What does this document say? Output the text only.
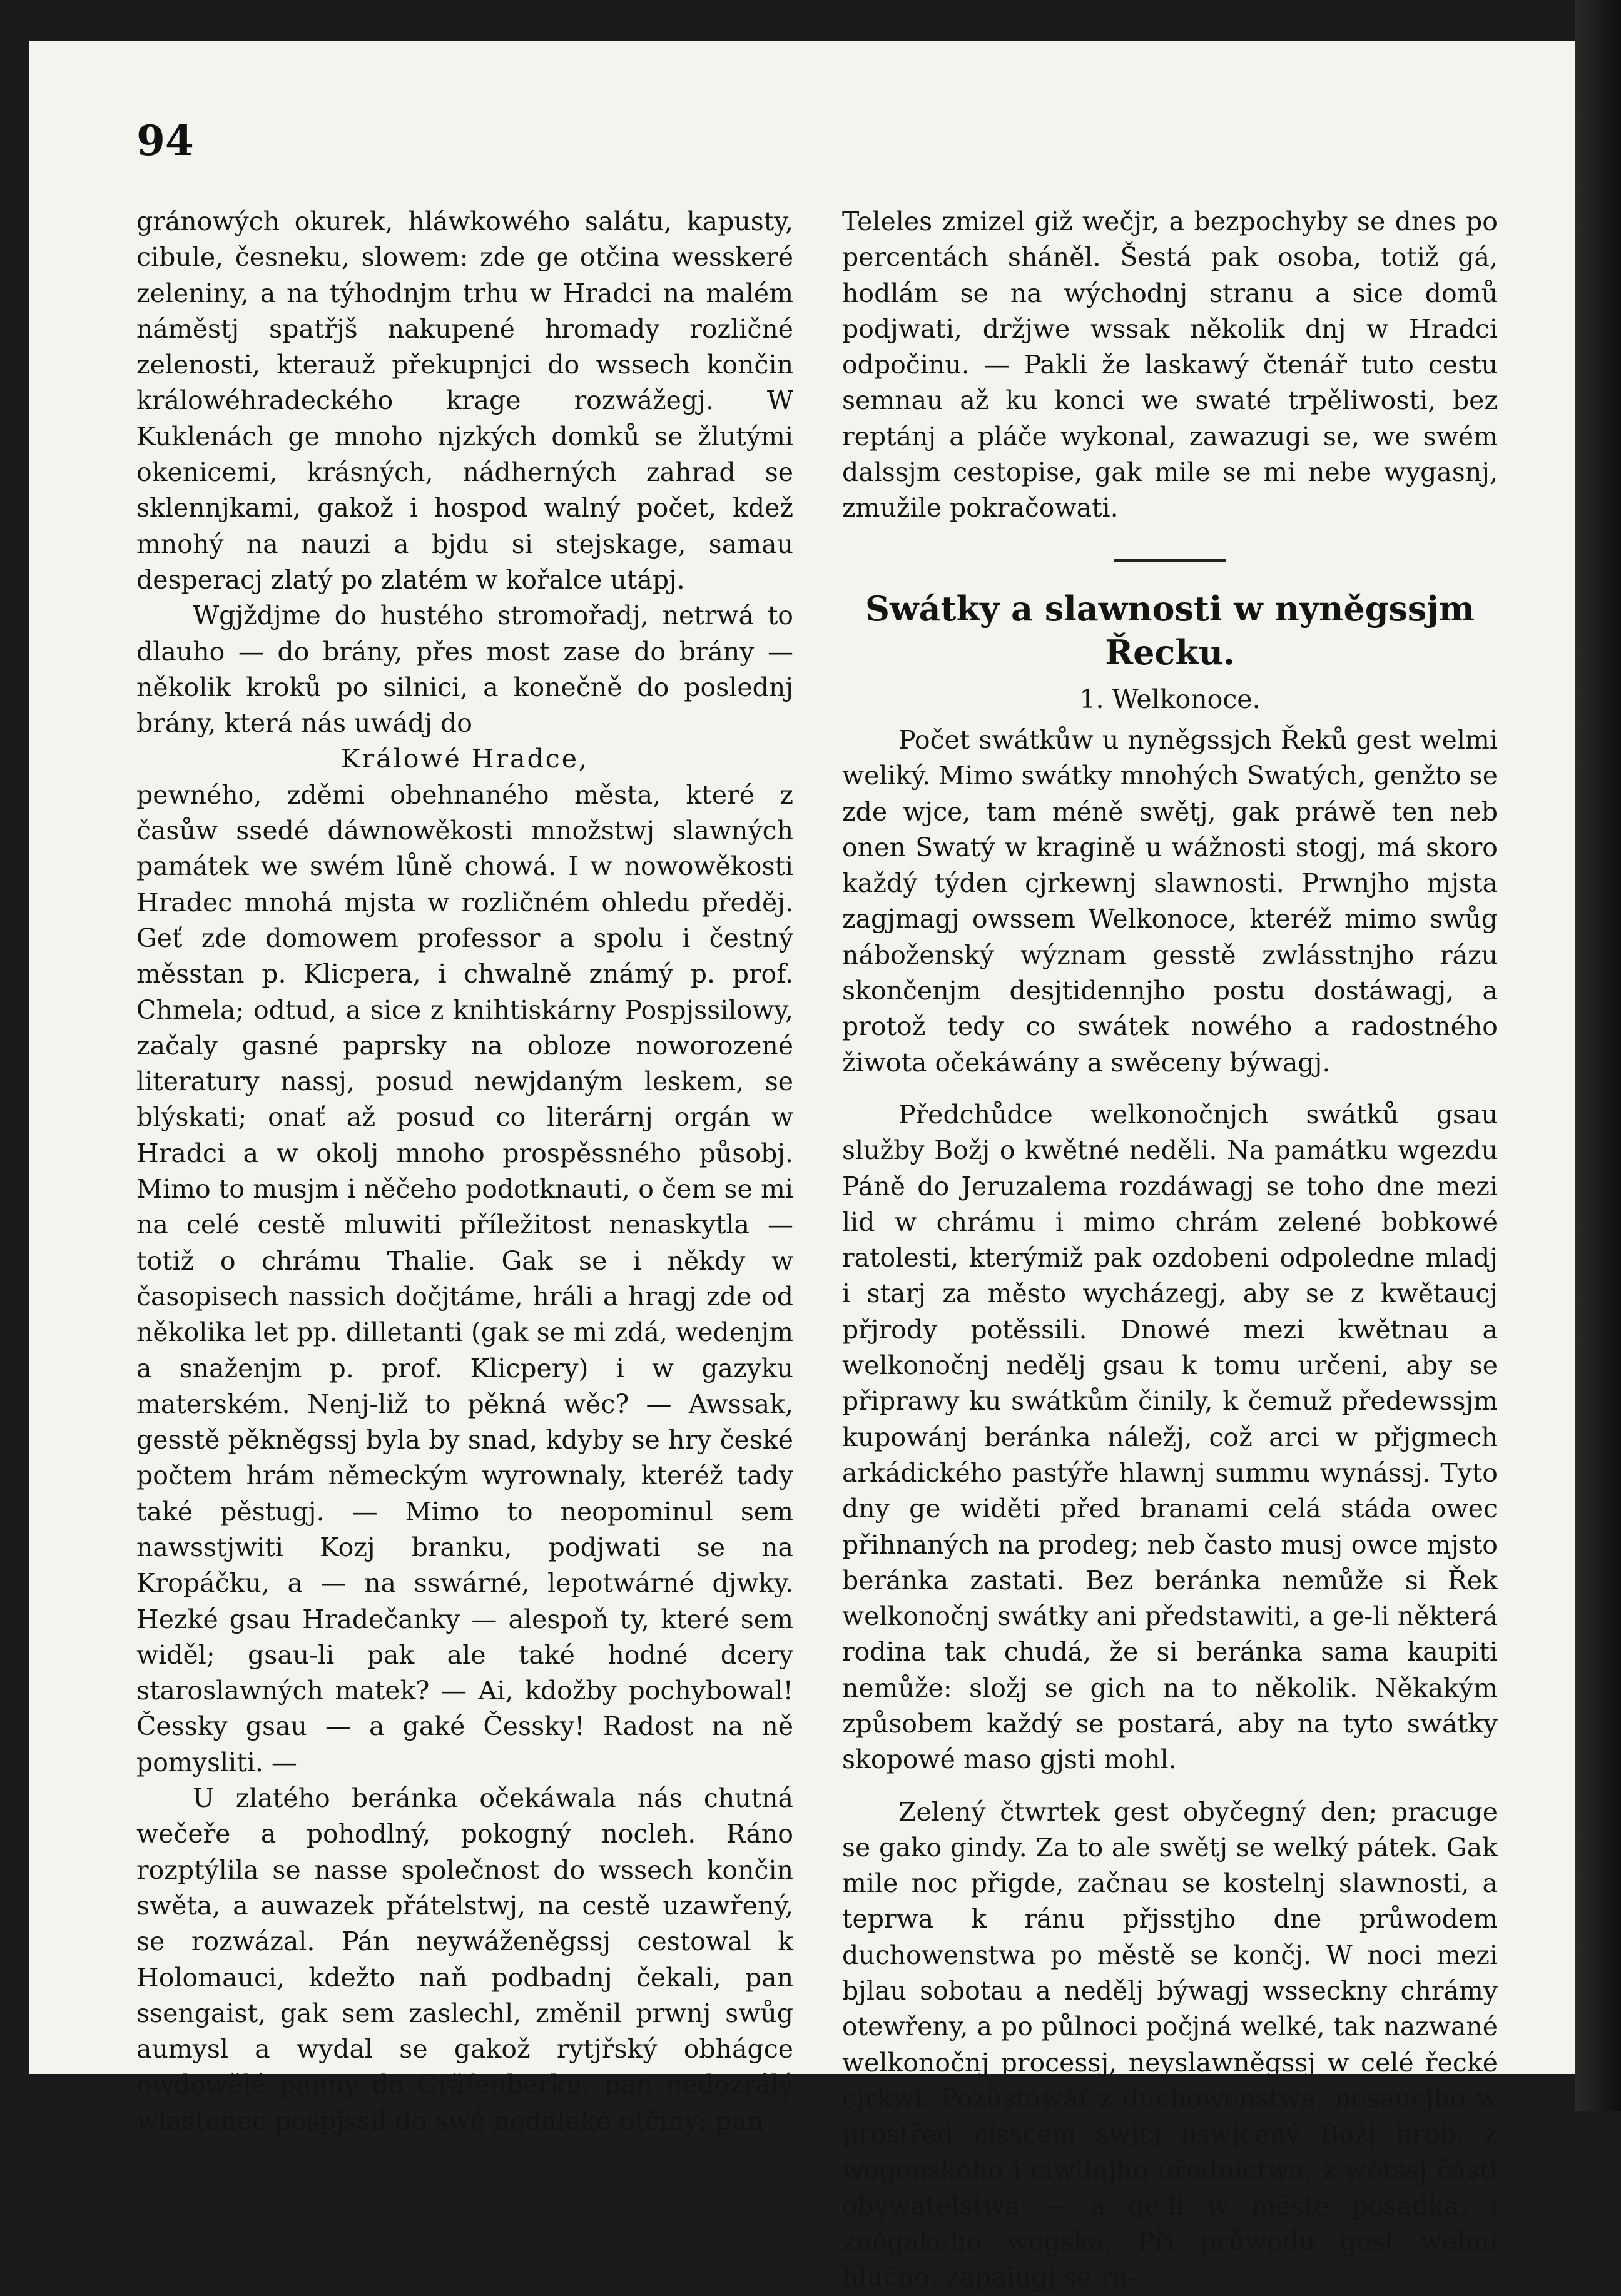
94

gránowých okurek, hláwkowého salátu, kapusty, cibule, česneku, slowem: zde ge otčina wesskeré zeleniny, a na týhodnjm trhu w Hradci na malém náměstj spatřjš nakupené hromady rozličné zelenosti, kterauž překupnjci do wssech končin králowéhradeckého krage rozwážegj. W Kuklenách ge mnoho njzkých domků se žlutými okenicemi, krásných, nádherných zahrad se sklennjkami, gakož i hospod walný počet, kdež mnohý na nauzi a bjdu si stejskage, samau desperacj zlatý po zlatém w kořalce utápj.

Wgjždjme do hustého stromořadj, netrwá to dlauho — do brány, přes most zase do brány — několik kroků po silnici, a konečně do poslednj brány, která nás uwádj do

Králowé Hradce,

pewného, zděmi obehnaného města, které z časůw ssedé dáwnowěkosti množstwj slawných památek we swém lůně chowá. I w nowowěkosti Hradec mnohá mjsta w rozličném ohledu předěj. Geť zde domowem professor a spolu i čestný měsstan p. Klicpera, i chwalně známý p. prof. Chmela; odtud, a sice z knihtiskárny Pospjssilowy, začaly gasné paprsky na obloze noworozené literatury nassj, posud newjdaným leskem, se blýskati; onať až posud co literárnj orgán w Hradci a w okolj mnoho prospěssného působj. Mimo to musjm i něčeho podotknauti, o čem se mi na celé cestě mluwiti příležitost nenaskytla — totiž o chrámu Thalie. Gak se i někdy w časopisech nassich dočjtáme, hráli a hragj zde od několika let pp. dilletanti (gak se mi zdá, wedenjm a snaženjm p. prof. Klicpery) i w gazyku materském. Nenj-liž to pěkná wěc? — Awssak, gesstě pěkněgssj byla by snad, kdyby se hry české počtem hrám německým wyrownaly, kteréž tady také pěstugj. — Mimo to neopominul sem nawsstjwiti Kozj branku, podjwati se na Kropáčku, a — na sswárné, lepotwárné djwky. Hezké gsau Hradečanky — alespoň ty, které sem widěl; gsau-li pak ale také hodné dcery staroslawných matek? — Ai, kdožby pochybowal! Čessky gsau — a gaké Čessky! Radost na ně pomysliti. —

U zlatého beránka očekáwala nás chutná wečeře a pohodlný, pokogný nocleh. Ráno rozptýlila se nasse společnost do wssech končin swěta, a auwazek přátelstwj, na cestě uzawřený, se rozwázal. Pán neywáženěgssj cestowal k Holomauci, kdežto naň podbadnj čekali, pan ssengaist, gak sem zaslechl, změnil prwnj swůg aumysl a wydal se gakož rytjřský obhágce owdowělé panny do Gräfenberku; pan nedozrálý wlastenec pospjssil do swé nedaleké otčiny; pan

Teleles zmizel giž wečjr, a bezpochyby se dnes po percentách sháněl. Šestá pak osoba, totiž gá, hodlám se na wýchodnj stranu a sice domů podjwati, držjwe wssak několik dnj w Hradci odpočinu. — Pakli že laskawý čtenář tuto cestu semnau až ku konci we swaté trpěliwosti, bez reptánj a pláče wykonal, zawazugi se, we swém dalssjm cestopise, gak mile se mi nebe wygasnj, zmužile pokračowati.

Swátky a slawnosti w nyněgssjm Řecku.

1. Welkonoce.

Počet swátkůw u nyněgssjch Řeků gest welmi weliký. Mimo swátky mnohých Swatých, genžto se zde wjce, tam méně swětj, gak práwě ten neb onen Swatý w kragině u wážnosti stogj, má skoro každý týden cjrkewnj slawnosti. Prwnjho mjsta zagjmagj owssem Welkonoce, kteréž mimo swůg náboženský wýznam gesstě zwlásstnjho rázu skončenjm desjtidennjho postu dostáwagj, a protož tedy co swátek nowého a radostného žiwota očekáwány a swěceny býwagj.

Předchůdce welkonočnjch swátků gsau služby Božj o kwětné neděli. Na památku wgezdu Páně do Jeruzalema rozdáwagj se toho dne mezi lid w chrámu i mimo chrám zelené bobkowé ratolesti, kterýmiž pak ozdobeni odpoledne mladj i starj za město wycházegj, aby se z kwětaucj přjrody potěssili. Dnowé mezi kwětnau a welkonočnj nedělj gsau k tomu určeni, aby se připrawy ku swátkům činily, k čemuž předewssjm kupowánj beránka náležj, což arci w přjgmech arkádického pastýře hlawnj summu wynássj. Tyto dny ge widěti před branami celá stáda owec přihnaných na prodeg; neb často musj owce mjsto beránka zastati. Bez beránka nemůže si Řek welkonočnj swátky ani předstawiti, a ge-li některá rodina tak chudá, že si beránka sama kaupiti nemůže: složj se gich na to několik. Někakým způsobem každý se postará, aby na tyto swátky skopowé maso gjsti mohl.

Zelený čtwrtek gest obyčegný den; pracuge se gako gindy. Za to ale swětj se welký pátek. Gak mile noc přigde, začnau se kostelnj slawnosti, a teprwa k ránu přjsstjho dne průwodem duchowenstwa po městě se končj. W noci mezi bjlau sobotau a nedělj býwagj wsseckny chrámy otewřeny, a po půlnoci počjná welké, tak nazwané welkonočnj processj, neyslawněgssj w celé řecké cjrkwi. Pozůstáwáť z duchowenstwa, nesaucjho w prostřed cisscem swjcj oswjcený Božj hrob, z wogenského i ciwilnjho úřednictwa, z wětssj části obywatelstwa — a ge-li w městě posádka, i zněgakého wogska. Při průwodu gest welmi hlučno, zapalugj se ra-
